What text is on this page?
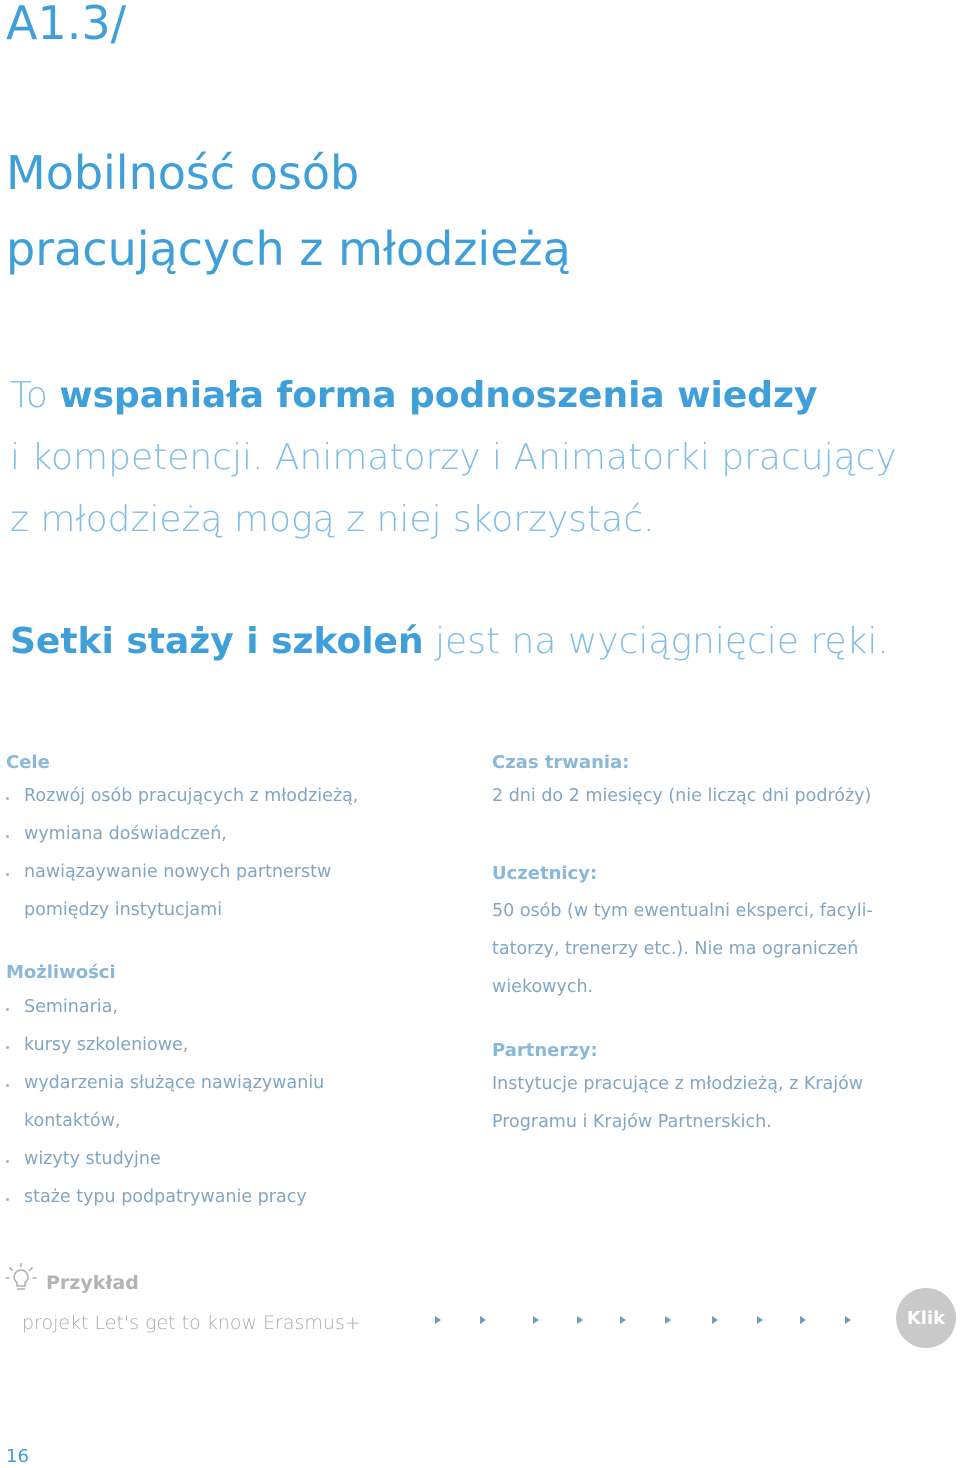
A1.3/
Mobilność osób
pracujących z młodzieżą
To wspaniała forma podnoszenia wiedzy
i kompetencji. Animatorzy i Animatorki pracujący
z młodzieżą mogą z niej skorzystać.
Setki staży i szkoleń jest na wyciągnięcie ręki.
Cele
Rozwój osób pracujących z młodzieżą,
wymiana doświadczeń,
nawiązaywanie nowych partnerstw
pomiędzy instytucjami
Możliwości
Seminaria,
kursy szkoleniowe,
wydarzenia służące nawiązywaniu
kontaktów,
wizyty studyjne
staże typu podpatrywanie pracy
Czas trwania:
2 dni do 2 miesięcy (nie licząc dni podróży)
Uczetnicy:
50 osób (w tym ewentualni eksperci, facyli-
tatorzy, trenerzy etc.). Nie ma ograniczeń
wiekowych.
Partnerzy:
Instytucje pracujące z młodzieżą, z Krajów
Programu i Krajów Partnerskich.
Przykład
projekt Let's get to know Erasmus+	Klik
16
